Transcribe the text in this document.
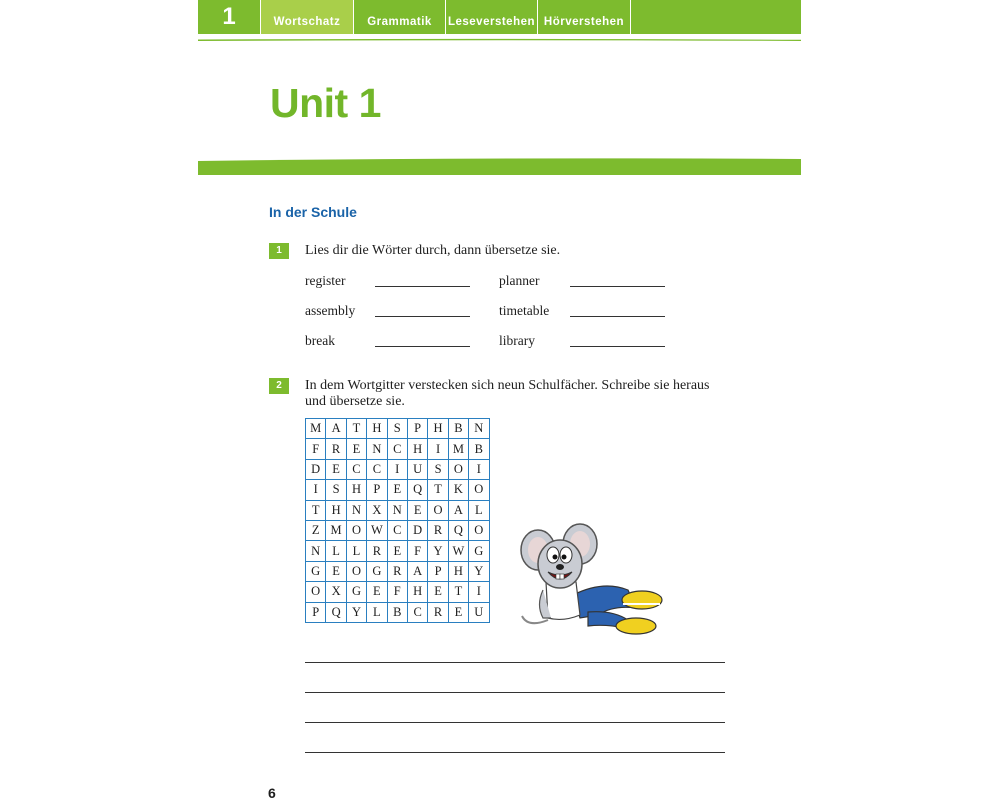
1	Wortschatz	Grammatik	Leseverstehen Hörverstehen
Unit 1
In der Schule
1	Lies dir die Wörter durch, dann übersetze sie.
register	planner
assembly	timetable
break	library
2	In dem Wortgitter verstecken sich neun Schulfächer. Schreibe sie heraus und übersetze sie.
M	A	T	H	S	P	H	B	N
F	R	E	N	C	H	I	M	B
D	E	C	C	I	U	S	O	I
I	S	H	P	E	Q	T	K	O
T	H	N	X	N	E	O	A	L
Z	M	O	W	C	D	R	Q	O
N	L	L	R	E	F	Y	W	G
G	E	O	G	R	A	P	H	Y
O	X	G	E	F	H	E	T	I
P	Q	Y	L	B	C	R	E	U
6
